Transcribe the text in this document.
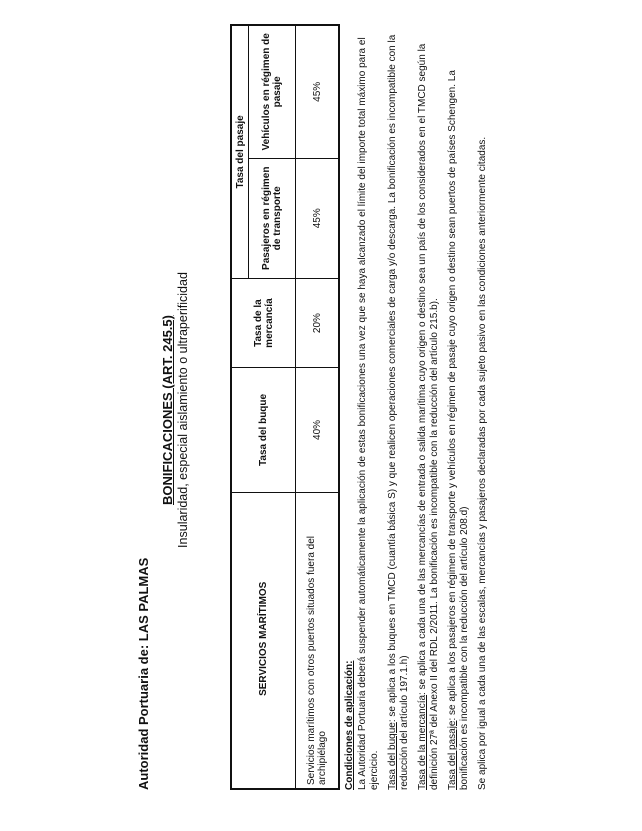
Autoridad Portuaria de: LAS PALMAS
BONIFICACIONES (ART. 245.5) Insularidad, especial aislamiento o ultraperificidad
SERVICIOS MARÍTIMOS	Tasa del buque	Tasa de la mercancía	Tasa del pasaje	
			Pasajeros en régimen de transporte	Vehículos en régimen de pasaje
Servicios marítimos con otros puertos situados fuera del archipiélago	40%	20%	45%	45%
Condiciones de aplicación: La Autoridad Portuaria deberá suspender automáticamente la aplicación de estas bonificaciones una vez que se haya alcanzado el límite del importe total máximo para el ejercicio. Tasa del buque: se aplica a los buques en TMCD (cuantía básica S) y que realicen operaciones comerciales de carga y/o descarga. La bonificación es incompatible con la reducción del artículo 197.1.h) Tasa de la mercancía: se aplica a cada una de las mercancías de entrada o salida marítima cuyo origen o destino sea un país de los considerados en el TMCD según la definición 27ª del Anexo II del RDL 2/2011. La bonificación es incompatible con la reducción del artículo 215.b). Tasa del pasaje: se aplica a los pasajeros en régimen de transporte y vehículos en régimen de pasaje cuyo origen o destino sean puertos de países Schengen. La bonificación es incompatible con la reducción del artículo 208.d) Se aplica por igual a cada una de las escalas, mercancías y pasajeros declaradas por cada sujeto pasivo en las condiciones anteriormente citadas.
